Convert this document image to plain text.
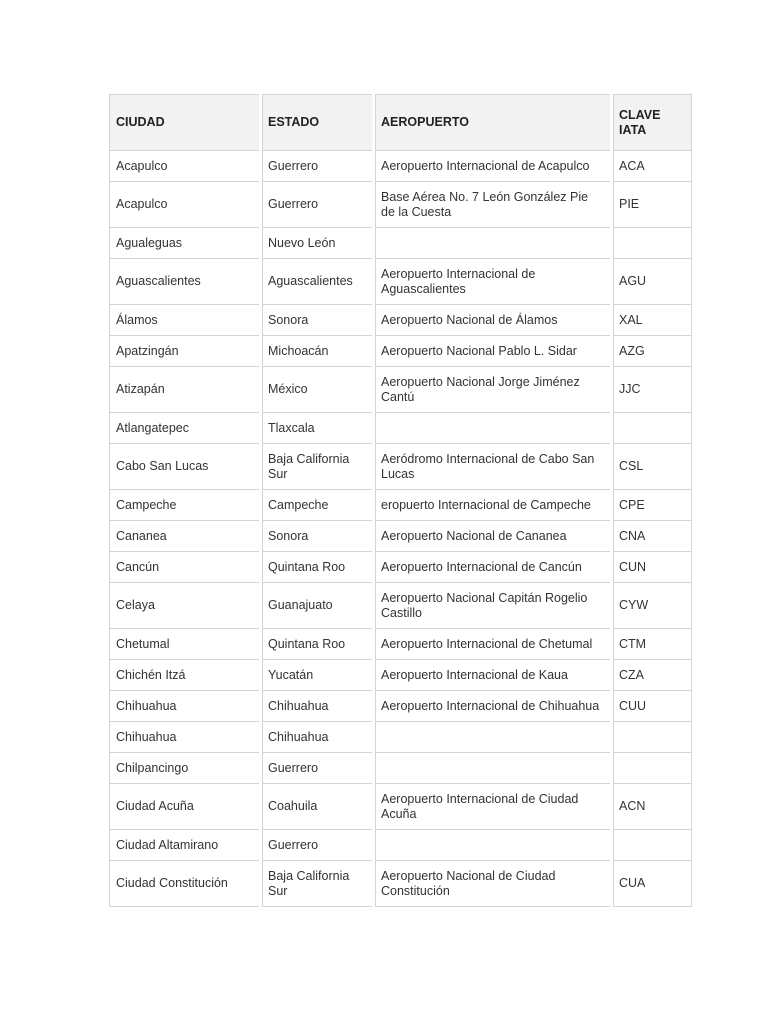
CIUDAD	ESTADO	AEROPUERTO	CLAVE IATA
Acapulco	Guerrero	Aeropuerto Internacional de Acapulco	ACA
Acapulco	Guerrero	Base Aérea No. 7 León González Pie de la Cuesta	PIE
Agualeguas	Nuevo León		
Aguascalientes	Aguascalientes	Aeropuerto Internacional de Aguascalientes	AGU
Álamos	Sonora	Aeropuerto Nacional de Álamos	XAL
Apatzingán	Michoacán	Aeropuerto Nacional Pablo L. Sidar	AZG
Atizapán	México	Aeropuerto Nacional Jorge Jiménez Cantú	JJC
Atlangatepec	Tlaxcala		
Cabo San Lucas	Baja California Sur	Aeródromo Internacional de Cabo San Lucas	CSL
Campeche	Campeche	eropuerto Internacional de Campeche	CPE
Cananea	Sonora	Aeropuerto Nacional de Cananea	CNA
Cancún	Quintana Roo	Aeropuerto Internacional de Cancún	CUN
Celaya	Guanajuato	Aeropuerto Nacional Capitán Rogelio Castillo	CYW
Chetumal	Quintana Roo	Aeropuerto Internacional de Chetumal	CTM
Chichén Itzá	Yucatán	Aeropuerto Internacional de Kaua	CZA
Chihuahua	Chihuahua	Aeropuerto Internacional de Chihuahua	CUU
Chihuahua	Chihuahua		
Chilpancingo	Guerrero		
Ciudad Acuña	Coahuila	Aeropuerto Internacional de Ciudad Acuña	ACN
Ciudad Altamirano	Guerrero		
Ciudad Constitución	Baja California Sur	Aeropuerto Nacional de Ciudad Constitución	CUA
